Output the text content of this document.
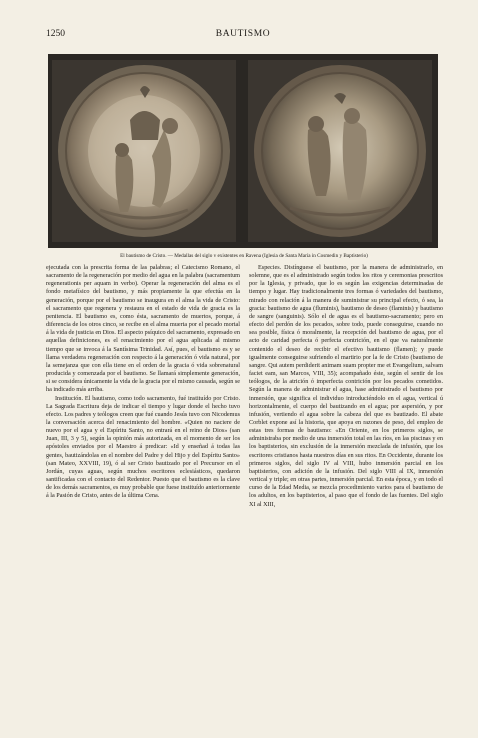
1250	BAUTISMO
El bautismo de Cristo. — Medallas del siglo v existentes en Ravena (Iglesia de Santa María in Cosmedin y Baptisterio)

ejecutada con la prescrita forma de las palabras; el Catecismo Romano, el sacramento de la regeneración por medio del agua en la palabra (sacramentum regenerationis per aquam in verbo). Operar la regeneración del alma es el fondo metafísico del bautismo, y más propiamente la que efectúa en la generación, porque por el bautismo se inaugura en el alma la vida de Cristo: el sacramento que regenera y restaura en el estado de vida de gracia es la penitencia. El bautismo es, como ésta, sacramento de muertos, porque, á diferencia de los otros cinco, se recibe en el alma muerta por el pecado mortal á la vida de justicia en Dios. El aspecto psíquico del sacramento, expresado en aquellas definiciones, es el renacimiento por el agua aplicada al mismo tiempo que se invoca á la Santísima Trinidad. Así, pues, el bautismo es y se llama verdadera regeneración con respecto á la generación ó vida natural, por la semejanza que con ella tiene en el orden de la gracia ó vida sobrenatural producida y comenzada por el bautismo. Se llamará simplemente generación, si se considera únicamente la vida de la gracia por el mismo causada, según se ha indicado más arriba.

Institución. El bautismo, como todo sacramento, fué instituído por Cristo. La Sagrada Escritura deja de indicar el tiempo y lugar donde el hecho tuvo efecto. Los padres y teólogos creen que fué cuando Jesús tuvo con Nicodemus la conversación acerca del renacimiento del hombre. «Quien no naciere de nuevo por el agua y el Espíritu Santo, no entrará en el reino de Dios» (san Juan, III, 3 y 5), según la opinión más autorizada, en el momento de ser los apóstoles enviados por el Maestro á predicar: «Id y enseñad á todas las gentes, bautizándolas en el nombre del Padre y del Hijo y del Espíritu Santo» (san Mateo, XXVIII, 19), ó al ser Cristo bautizado por el Precursor en el Jordán, cuyas aguas, según muchos escritores eclesiásticos, quedaron santificadas con el contacto del Redentor. Puesto que el bautismo es la clave de los demás sacramentos, es muy probable que fuese instituído anteriormente á la Pasión de Cristo, antes de la última Cena.

Especies. Distínguese el bautismo, por la manera de administrarlo, en solemne, que es el administrado según todos los ritos y ceremonias prescritos por la Iglesia, y privado, que lo es según las exigencias determinadas de tiempo y lugar. Hay tradicionalmente tres formas ó variedades del bautismo, mirado con relación á la manera de suministrar su principal efecto, ó sea, la gracia: bautismo de agua (fluminis), bautismo de deseo (flaminis) y bautismo de sangre (sanguinis). Sólo el de agua es el bautismo-sacramento; pero en efecto del perdón de los pecados, sobre todo, puede conseguirse, cuando no sea posible, física ó moralmente, la recepción del bautismo de agua, por el acto de caridad perfecta ó perfecta contrición, en el que va naturalmente contenido el deseo de recibir el efectivo bautismo (flamen); y puede igualmente conseguirse sufriendo el martirio por la fe de Cristo (bautismo de sangre. Qui autem perdiderit animam suam propter me et Evangelium, salvam faciet eam, san Marcos, VIII, 35); acompañado éste, según el sentir de los teólogos, de la atrición ó imperfecta contrición por los pecados cometidos. Según la manera de administrar el agua, hase administrado el bautismo por inmersión, que significa el individuo introduciéndolo en el agua, vertical ú horizontalmente, el cuerpo del bautizando en el agua; por aspersión, y por infusión, vertiendo el agua sobre la cabeza del que es bautizado. El abate Corblet expone así la historia, que apoya en razones de peso, del empleo de estas tres formas de bautismo: «En Oriente, en los primeros siglos, se administraba por medio de una inmersión total en las ríos, en las piscinas y en los baptisterios, sin exclusión de la inmersión mezclada de infusión, que los escritores cristianos hasta nuestros días en sus ritos. En Occidente, durante los primeros siglos, del siglo IV al VIII, hubo inmersión parcial en los baptisterios, con adición de la infusión. Del siglo VIII al IX, inmersión vertical y triple; en otras partes, inmersión parcial. En esta época, y en todo el curso de la Edad Media, se mezcla procedimiento varios para el bautismo de los adultos, en los baptisterios, al paso que el fondo de las fuentes. Del siglo XI al XIII,
